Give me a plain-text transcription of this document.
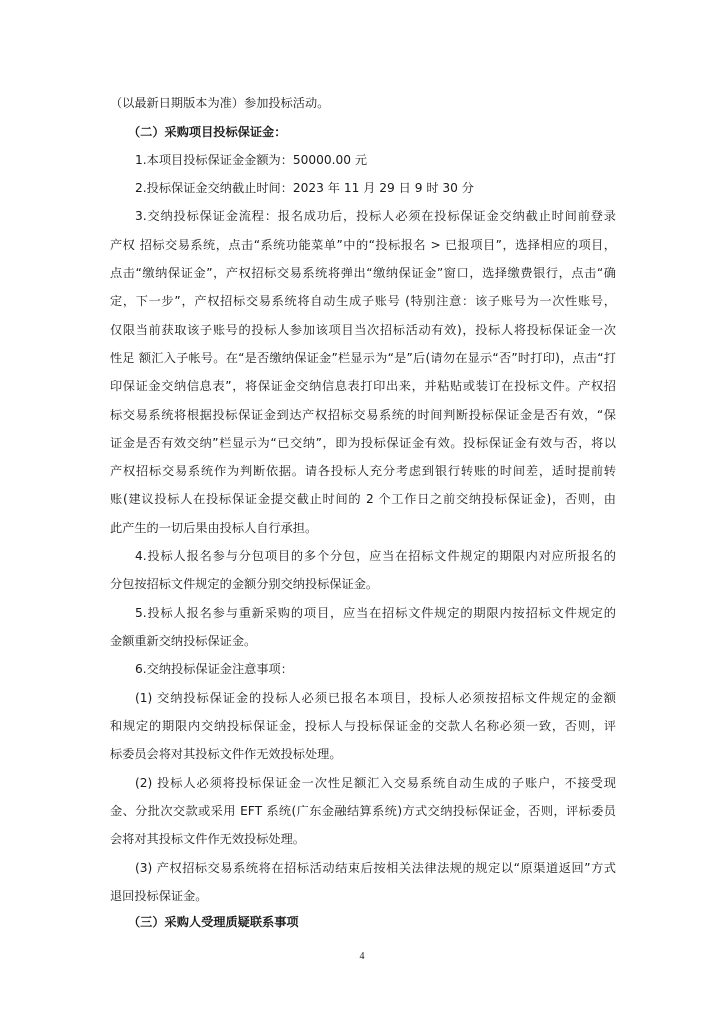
（以最新日期版本为准）参加投标活动。
（二）采购项目投标保证金：
1.本项目投标保证金金额为：50000.00 元
2.投标保证金交纳截止时间：2023 年 11 月 29 日 9 时 30 分
3.交纳投标保证金流程：报名成功后，投标人必须在投标保证金交纳截止时间前登录
产权 招标交易系统，点击“系统功能菜单”中的“投标报名 > 已报项目”，选择相应的项目，
点击“缴纳保证金”，产权招标交易系统将弹出“缴纳保证金”窗口，选择缴费银行，点击“确
定，下一步”，产权招标交易系统将自动生成子账号 (特别注意：该子账号为一次性账号，
仅限当前获取该子账号的投标人参加该项目当次招标活动有效)，投标人将投标保证金一次
性足 额汇入子帐号。在“是否缴纳保证金”栏显示为“是”后(请勿在显示“否”时打印)，点击“打
印保证金交纳信息表”，将保证金交纳信息表打印出来，并粘贴或装订在投标文件。产权招
标交易系统将根据投标保证金到达产权招标交易系统的时间判断投标保证金是否有效，“保
证金是否有效交纳”栏显示为“已交纳”，即为投标保证金有效。投标保证金有效与否，将以
产权招标交易系统作为判断依据。请各投标人充分考虑到银行转账的时间差，适时提前转
账(建议投标人在投标保证金提交截止时间的 2 个工作日之前交纳投标保证金)，否则，由
此产生的一切后果由投标人自行承担。
4.投标人报名参与分包项目的多个分包，应当在招标文件规定的期限内对应所报名的
分包按招标文件规定的金额分别交纳投标保证金。
5.投标人报名参与重新采购的项目，应当在招标文件规定的期限内按招标文件规定的
金额重新交纳投标保证金。
6.交纳投标保证金注意事项：
(1) 交纳投标保证金的投标人必须已报名本项目，投标人必须按招标文件规定的金额
和规定的期限内交纳投标保证金，投标人与投标保证金的交款人名称必须一致，否则，评
标委员会将对其投标文件作无效投标处理。
(2) 投标人必须将投标保证金一次性足额汇入交易系统自动生成的子账户，不接受现
金、分批次交款或采用 EFT 系统(广东金融结算系统)方式交纳投标保证金，否则，评标委员
会将对其投标文件作无效投标处理。
(3) 产权招标交易系统将在招标活动结束后按相关法律法规的规定以“原渠道返回”方式
退回投标保证金。
（三）采购人受理质疑联系事项
4
